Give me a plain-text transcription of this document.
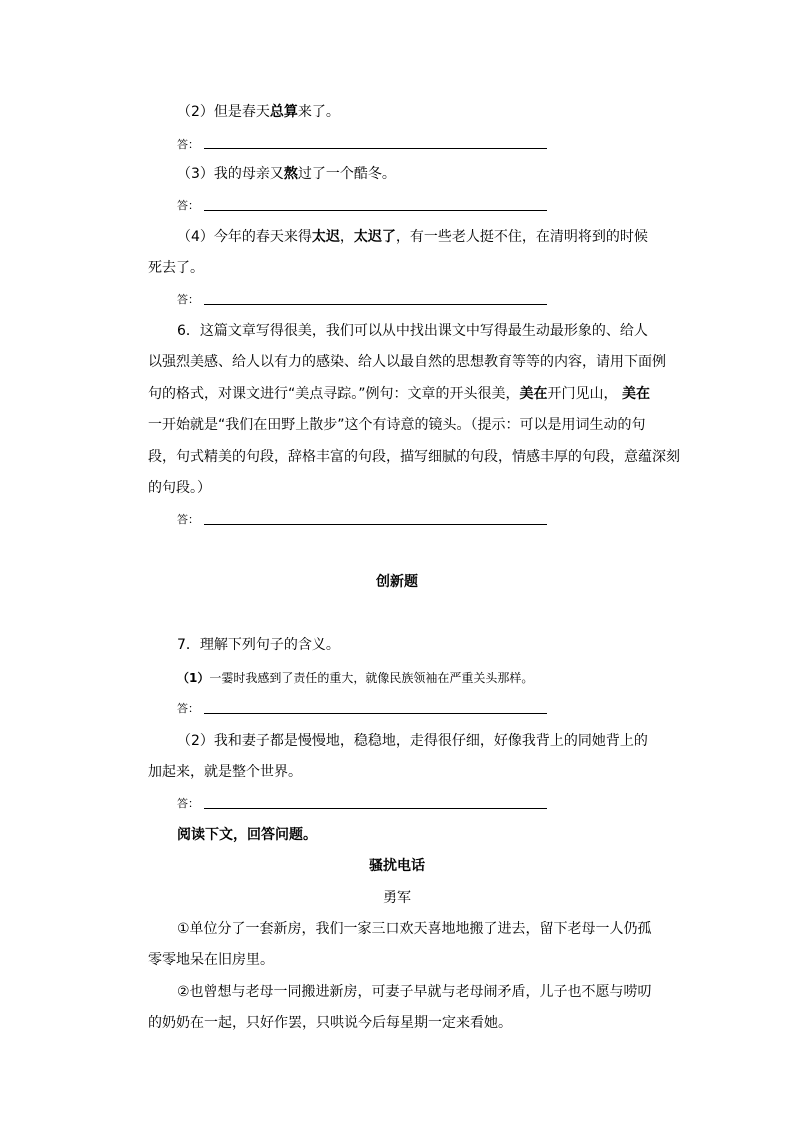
（2）但是春天总算来了。
答：
（3）我的母亲又熬过了一个酷冬。
答：
（4）今年的春天来得太迟，太迟了，有一些老人挺不住，在清明将到的时候
死去了。
答：
6．这篇文章写得很美，我们可以从中找出课文中写得最生动最形象的、给人
以强烈美感、给人以有力的感染、给人以最自然的思想教育等等的内容，请用下面例
句的格式，对课文进行“美点寻踪。”例句：文章的开头很美，美在开门见山， 美在
一开始就是“我们在田野上散步”这个有诗意的镜头。（提示：可以是用词生动的句
段，句式精美的句段，辞格丰富的句段，描写细腻的句段，情感丰厚的句段，意蕴深刻
的句段。）
答：
创新题
7．理解下列句子的含义。
（1）一霎时我感到了责任的重大，就像民族领袖在严重关头那样。
答：
（2）我和妻子都是慢慢地，稳稳地，走得很仔细，好像我背上的同她背上的
加起来，就是整个世界。
答：
阅读下文，回答问题。
骚扰电话
勇军
①单位分了一套新房，我们一家三口欢天喜地地搬了进去，留下老母一人仍孤
零零地呆在旧房里。
②也曾想与老母一同搬进新房，可妻子早就与老母闹矛盾，儿子也不愿与唠叨
的奶奶在一起，只好作罢，只哄说今后每星期一定来看她。
